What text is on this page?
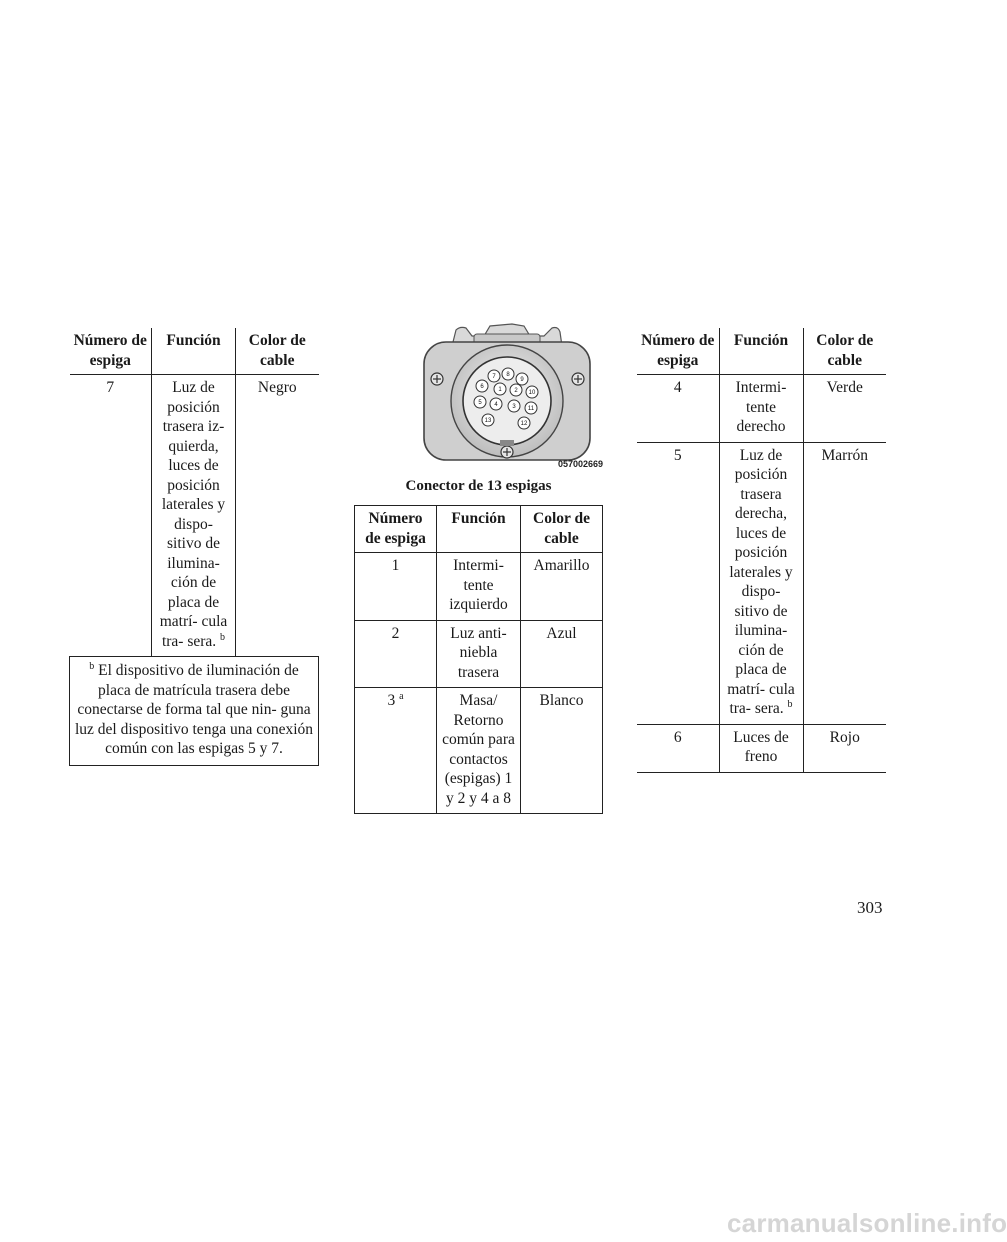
Número de espiga	Función	Color de cable
7	Luz de posición trasera iz- quierda, luces de posición laterales y dispo- sitivo de ilumina- ción de placa de matrí- cula tra- sera. $^b$	Negro
$^b$ El dispositivo de iluminación de placa de matrícula trasera debe conectarse de forma tal que nin- guna luz del dispositivo tenga una conexión común con las espigas 5 y 7.		
7 8
9
6 1 2 10
5 4 3 11
13	12
057002669
Conector de 13 espigas
Número de espiga	Función	Color de cable
1	Intermi- tente izquierdo	Amarillo
2	Luz anti- niebla trasera	Azul
3 $^a$	Masa/ Retorno común para contactos (espigas) 1 y 2 y 4 a 8	Blanco
Número de espiga	Función	Color de cable
4	Intermi- tente derecho	Verde
5	Luz de posición trasera derecha, luces de posición laterales y dispo- sitivo de ilumina- ción de placa de matrí- cula tra- sera. $^b$	Marrón
6	Luces de freno	Rojo
303
carmanualsonline.info
